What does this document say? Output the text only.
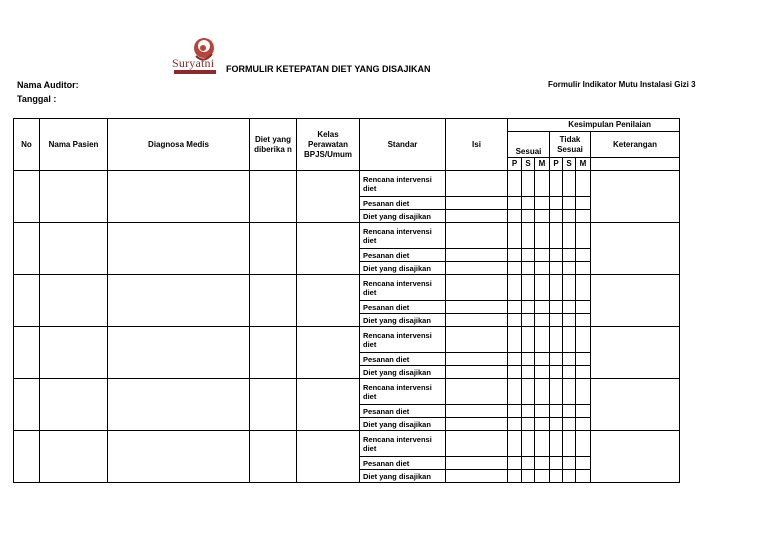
Suryatni FORMULIR KETEPATAN DIET YANG DISAJIKAN
Nama Auditor:
Tanggal :
Formulir Indikator Mutu Instalasi Gizi 3
No	Nama Pasien	Diagnosa Medis	Diet yang diberika n	Kelas Perawatan BPJS/Umum	Standar	Isi	Kesimpulan Penilaian						
							Sesuai			Tidak Sesuai			Keterangan
							P	S	M	P	S	M	
					Rencana intervensi diet								
					Pesanan diet								
					Diet yang disajikan								
					Rencana intervensi diet								
					Pesanan diet								
					Diet yang disajikan								
					Rencana intervensi diet								
					Pesanan diet								
					Diet yang disajikan								
					Rencana intervensi diet								
					Pesanan diet								
					Diet yang disajikan								
					Rencana intervensi diet								
					Pesanan diet								
					Diet yang disajikan								
					Rencana intervensi diet								
					Pesanan diet								
					Diet yang disajikan								
